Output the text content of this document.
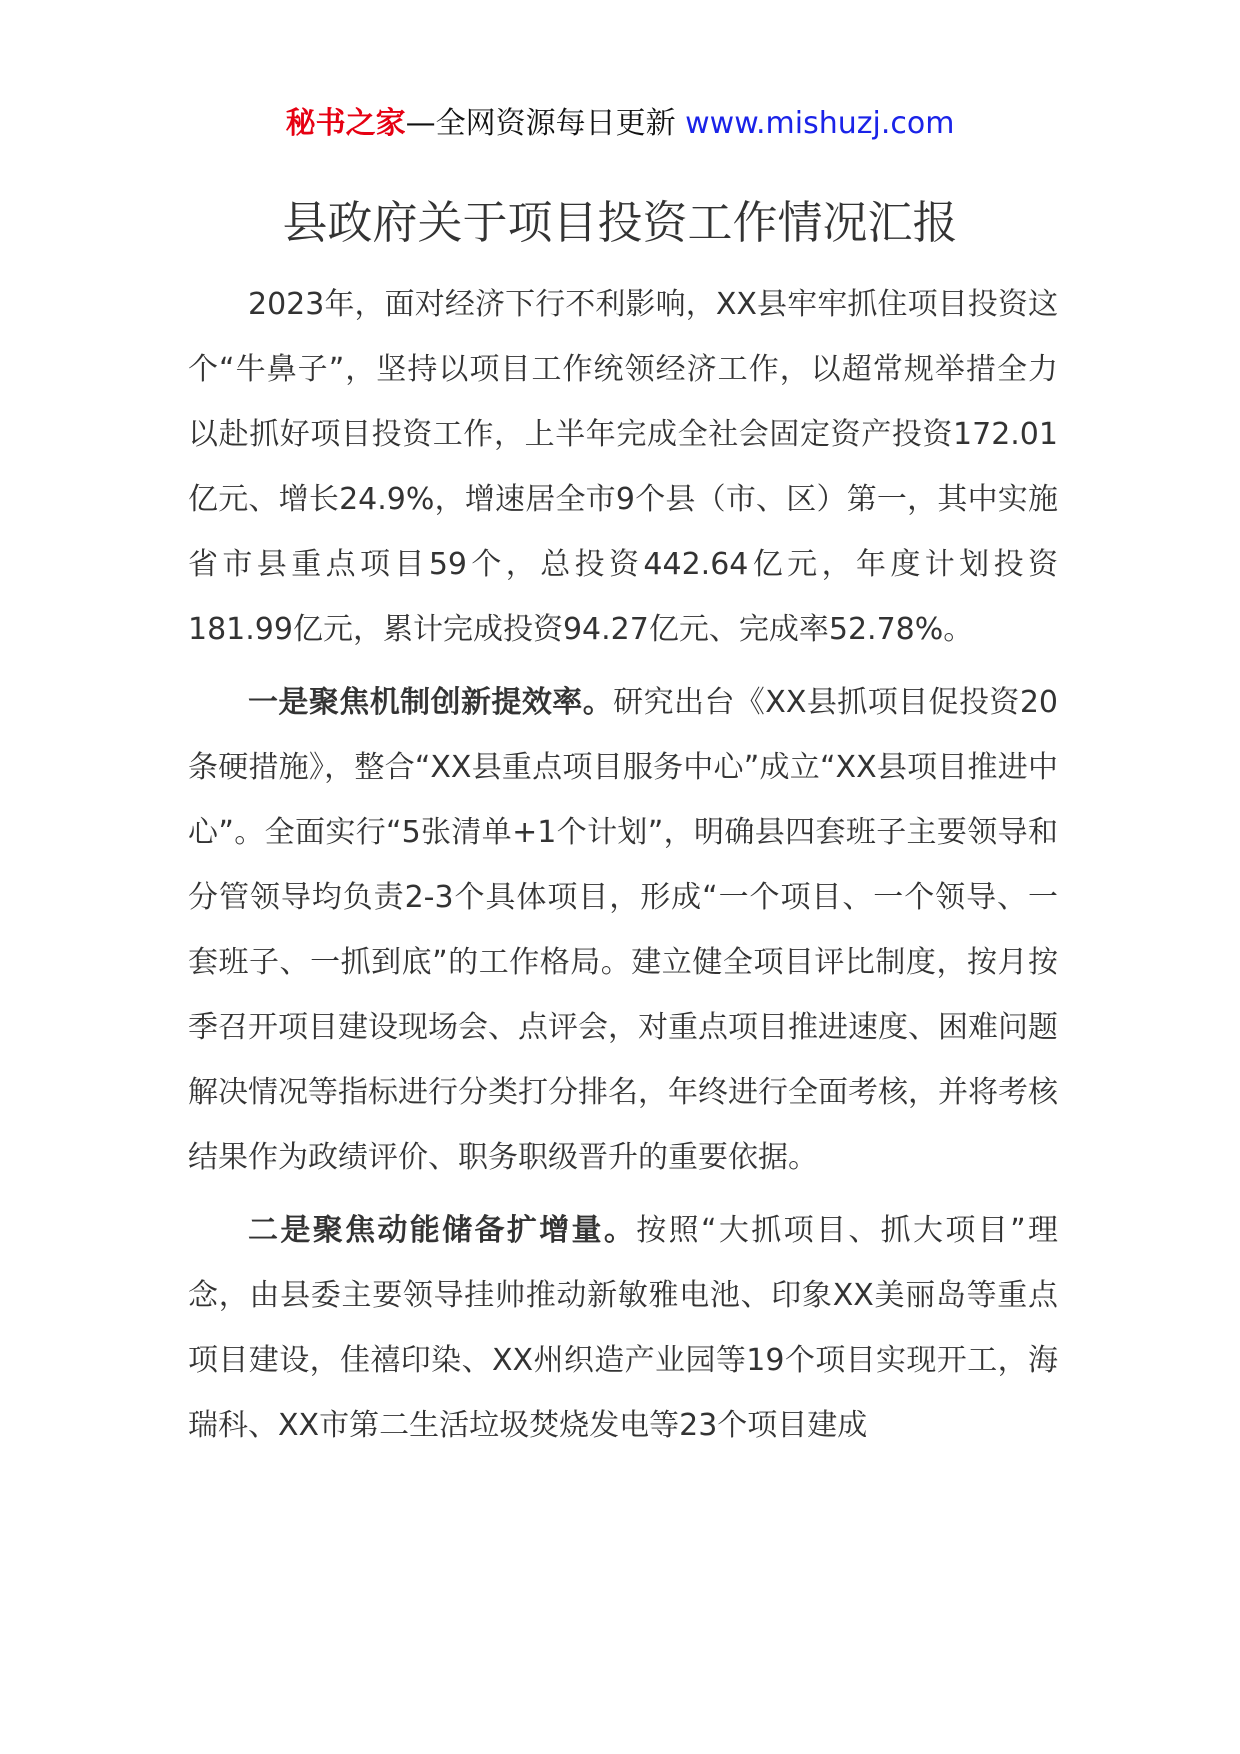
秘书之家—全网资源每日更新 www.mishuzj.com
县政府关于项目投资工作情况汇报

2023年，面对经济下行不利影响，XX县牢牢抓住项目投资这个“牛鼻子”，坚持以项目工作统领经济工作，以超常规举措全力以赴抓好项目投资工作，上半年完成全社会固定资产投资172.01亿元、增长24.9%，增速居全市9个县（市、区）第一，其中实施省市县重点项目59个，总投资442.64亿元，年度计划投资181.99亿元，累计完成投资94.27亿元、完成率52.78%。

一是聚焦机制创新提效率。研究出台《XX县抓项目促投资20条硬措施》，整合“XX县重点项目服务中心”成立“XX县项目推进中心”。全面实行“5张清单+1个计划”，明确县四套班子主要领导和分管领导均负责2-3个具体项目，形成“一个项目、一个领导、一套班子、一抓到底”的工作格局。建立健全项目评比制度，按月按季召开项目建设现场会、点评会，对重点项目推进速度、困难问题解决情况等指标进行分类打分排名，年终进行全面考核，并将考核结果作为政绩评价、职务职级晋升的重要依据。

二是聚焦动能储备扩增量。按照“大抓项目、抓大项目”理念，由县委主要领导挂帅推动新敏雅电池、印象XX美丽岛等重点项目建设，佳禧印染、XX州织造产业园等19个项目实现开工，海瑞科、XX市第二生活垃圾焚烧发电等23个项目建成
